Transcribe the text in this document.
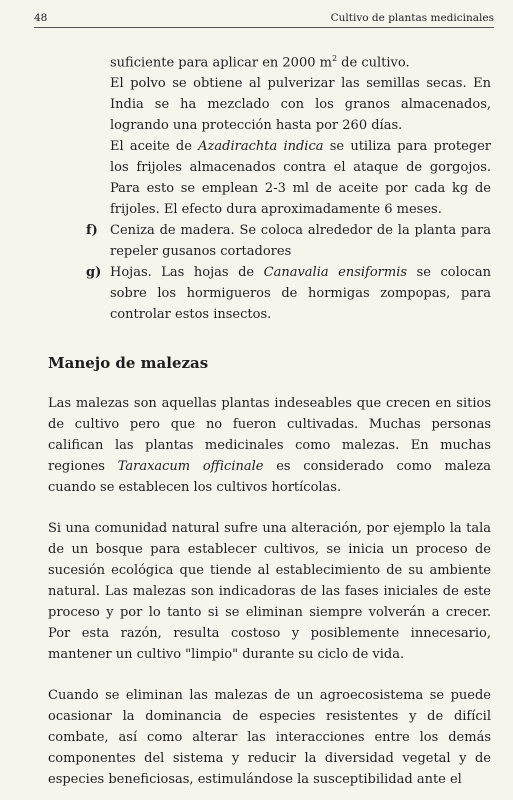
48	Cultivo de plantas medicinales

suficiente para aplicar en 2000 $m^2$ de cultivo.

El polvo se obtiene al pulverizar las semillas secas. En India se ha mezclado con los granos almacenados, logrando una protección hasta por 260 días.

El aceite de Azadirachta indica se utiliza para proteger los frijoles almacenados contra el ataque de gorgojos. Para esto se emplean 2-3 ml de aceite por cada kg de frijoles. El efecto dura aproximadamente 6 meses.

f) Ceniza de madera. Se coloca alrededor de la planta para repeler gusanos cortadores

g) Hojas. Las hojas de Canavalia ensiformis se colocan sobre los hormigueros de hormigas zompopas, para controlar estos insectos.

Manejo de malezas

Las malezas son aquellas plantas indeseables que crecen en sitios de cultivo pero que no fueron cultivadas. Muchas personas califican las plantas medicinales como malezas. En muchas regiones Taraxacum officinale es considerado como maleza cuando se establecen los cultivos hortícolas.

Si una comunidad natural sufre una alteración, por ejemplo la tala de un bosque para establecer cultivos, se inicia un proceso de sucesión ecológica que tiende al establecimiento de su ambiente natural. Las malezas son indicadoras de las fases iniciales de este proceso y por lo tanto si se eliminan siempre volverán a crecer. Por esta razón, resulta costoso y posiblemente innecesario, mantener un cultivo "limpio" durante su ciclo de vida.

Cuando se eliminan las malezas de un agroecosistema se puede ocasionar la dominancia de especies resistentes y de difícil combate, así como alterar las interacciones entre los demás componentes del sistema y reducir la diversidad vegetal y de especies beneficiosas, estimulándose la susceptibilidad ante el
